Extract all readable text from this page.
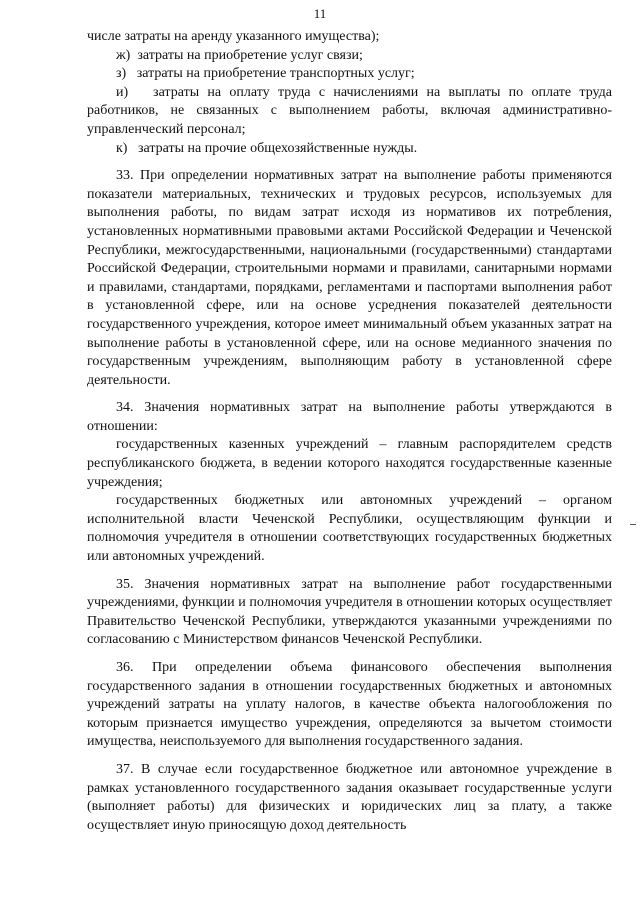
11

числе затраты на аренду указанного имущества);

ж)  затраты на приобретение услуг связи;

з)   затраты на приобретение транспортных услуг;

и)   затраты на оплату труда с начислениями на выплаты по оплате труда работников, не связанных с выполнением работы, включая административно-управленческий персонал;

к)   затраты на прочие общехозяйственные нужды.

33. При определении нормативных затрат на выполнение работы применяются показатели материальных, технических и трудовых ресурсов, используемых для выполнения работы, по видам затрат исходя из нормативов их потребления, установленных нормативными правовыми актами Российской Федерации и Чеченской Республики, межгосударственными, национальными (государственными) стандартами Российской Федерации, строительными нормами и правилами, санитарными нормами и правилами, стандартами, порядками, регламентами и паспортами выполнения работ в установленной сфере, или на основе усреднения показателей деятельности государственного учреждения, которое имеет минимальный объем указанных затрат на выполнение работы в установленной сфере, или на основе медианного значения по государственным учреждениям, выполняющим работу в установленной сфере деятельности.

34. Значения нормативных затрат на выполнение работы утверждаются в отношении:

государственных казенных учреждений – главным распорядителем средств республиканского бюджета, в ведении которого находятся государственные казенные учреждения;

государственных бюджетных или автономных учреждений – органом исполнительной власти Чеченской Республики, осуществляющим функции и полномочия учредителя в отношении соответствующих государственных бюджетных или автономных учреждений.

35. Значения нормативных затрат на выполнение работ государственными учреждениями, функции и полномочия учредителя в отношении которых осуществляет Правительство Чеченской Республики, утверждаются указанными учреждениями по согласованию с Министерством финансов Чеченской Республики.

36. При определении объема финансового обеспечения выполнения государственного задания в отношении государственных бюджетных и автономных учреждений затраты на уплату налогов, в качестве объекта налогообложения по которым признается имущество учреждения, определяются за вычетом стоимости имущества, неиспользуемого для выполнения государственного задания.

37. В случае если государственное бюджетное или автономное учреждение в рамках установленного государственного задания оказывает государственные услуги (выполняет работы) для физических и юридических лиц за плату, а также осуществляет иную приносящую доход деятельность
